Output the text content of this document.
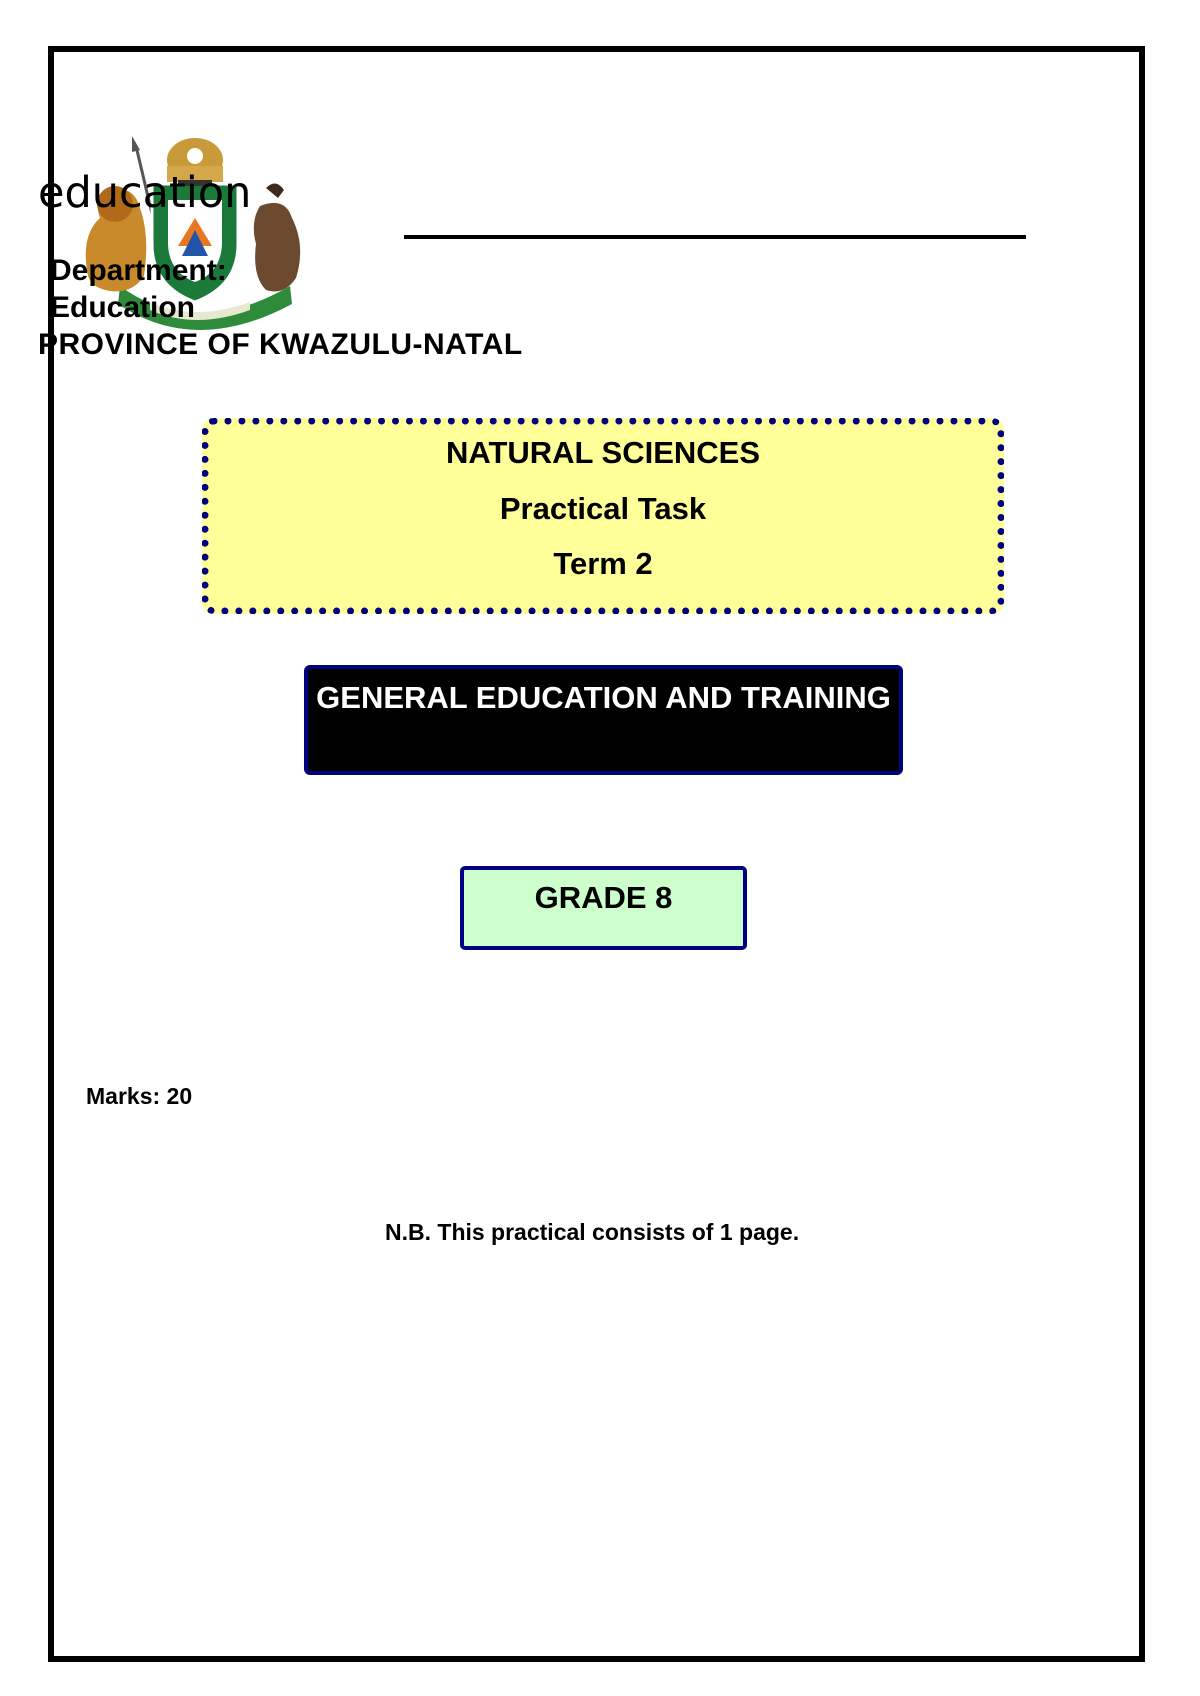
education
Department:
Education
PROVINCE OF KWAZULU-NATAL
NATURAL SCIENCES
Practical Task
Term 2
GENERAL EDUCATION AND TRAINING
GRADE 8
Marks: 20
N.B. This practical consists of 1 page.
